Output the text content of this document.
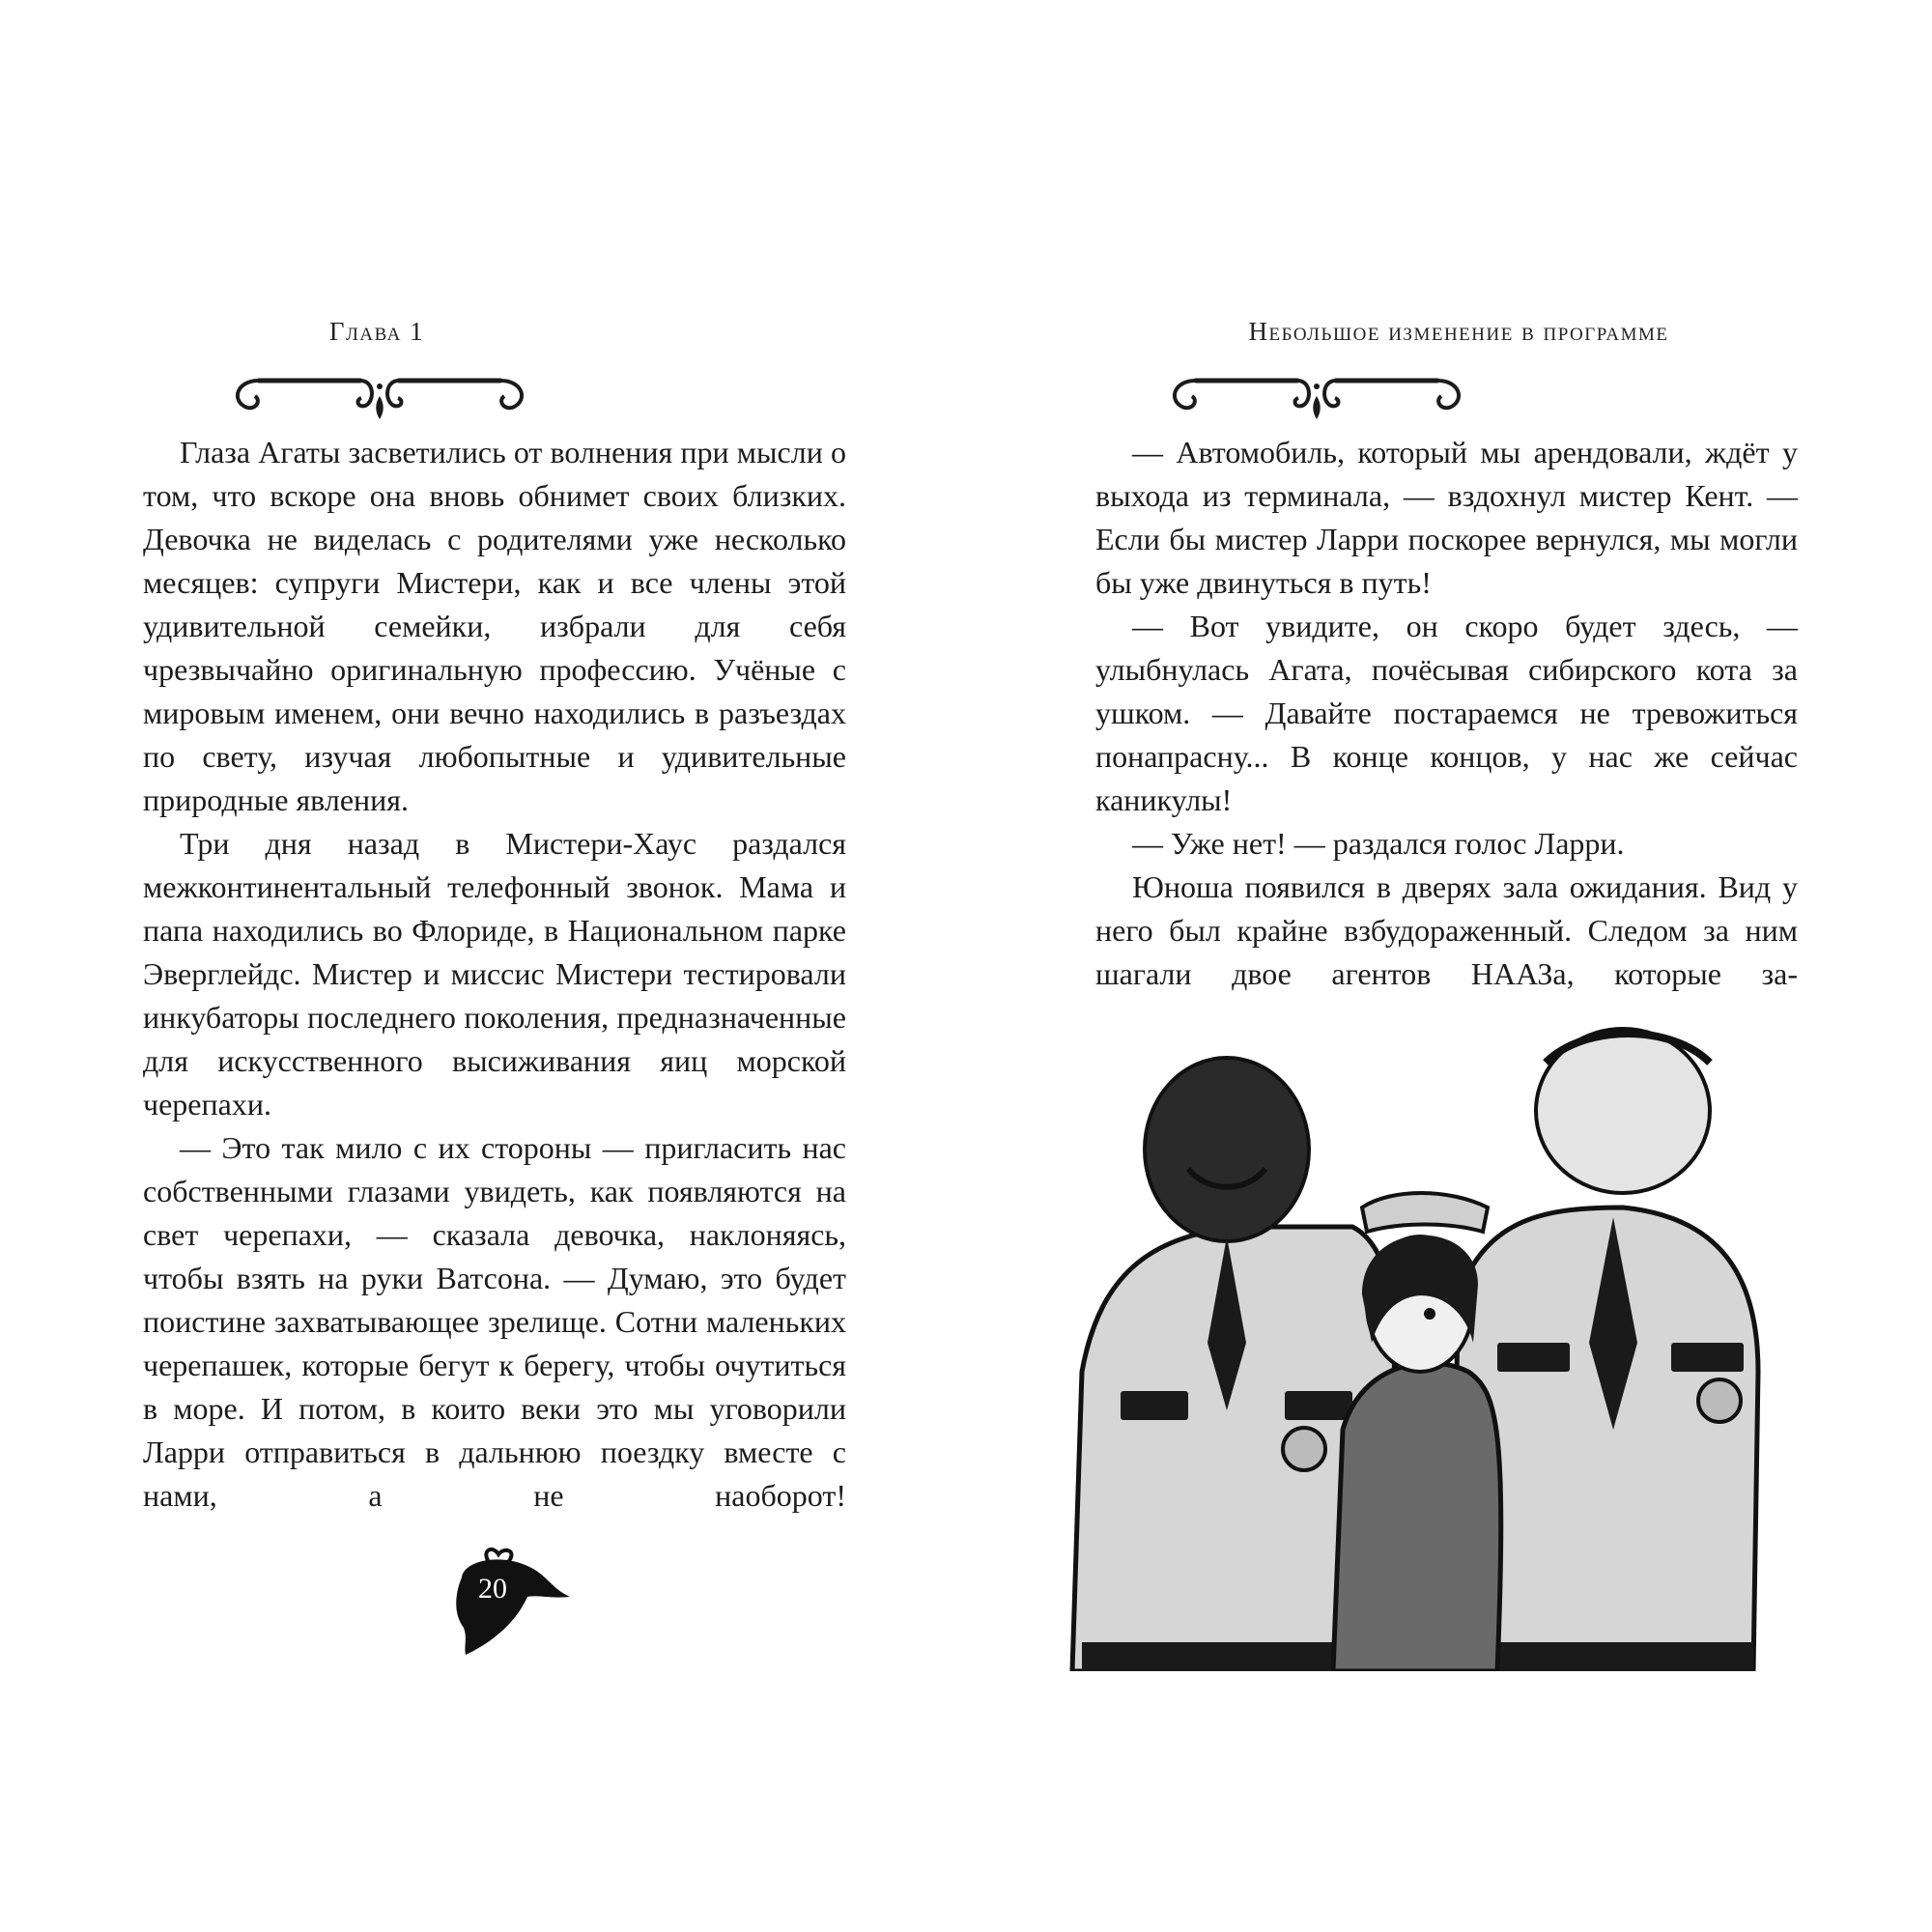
Глава 1

Глаза Агаты засветились от волнения при мысли о том, что вскоре она вновь обнимет своих близких. Девочка не виделась с родителями уже несколько месяцев: супруги Мистери, как и все члены этой удивительной семейки, избрали для себя чрезвычайно оригинальную профессию. Учёные с мировым именем, они вечно находились в разъездах по свету, изучая любопытные и удивительные природные явления.

Три дня назад в Мистери-Хаус раздался межконтинентальный телефонный звонок. Мама и папа находились во Флориде, в Национальном парке Эверглейдс. Мистер и миссис Мистери тестировали инкубаторы последнего поколения, предназначенные для искусственного высиживания яиц морской черепахи.

— Это так мило с их стороны — пригласить нас собственными глазами увидеть, как появляются на свет черепахи, — сказала девочка, наклоняясь, чтобы взять на руки Ватсона. — Думаю, это будет поистине захватывающее зрелище. Сотни маленьких черепашек, которые бегут к берегу, чтобы очутиться в море. И потом, в които веки это мы уговорили Ларри отправиться в дальнюю поездку вместе с нами, а не наоборот!

20
Небольшое изменение в программе

— Автомобиль, который мы арендовали, ждёт у выхода из терминала, — вздохнул мистер Кент. — Если бы мистер Ларри поскорее вернулся, мы могли бы уже двинуться в путь!

— Вот увидите, он скоро будет здесь, — улыбнулась Агата, почёсывая сибирского кота за ушком. — Давайте постараемся не тревожиться понапрасну... В конце концов, у нас же сейчас каникулы!

— Уже нет! — раздался голос Ларри.

Юноша появился в дверях зала ожидания. Вид у него был крайне взбудораженный. Следом за ним шагали двое агентов НААЗа, которые за-
